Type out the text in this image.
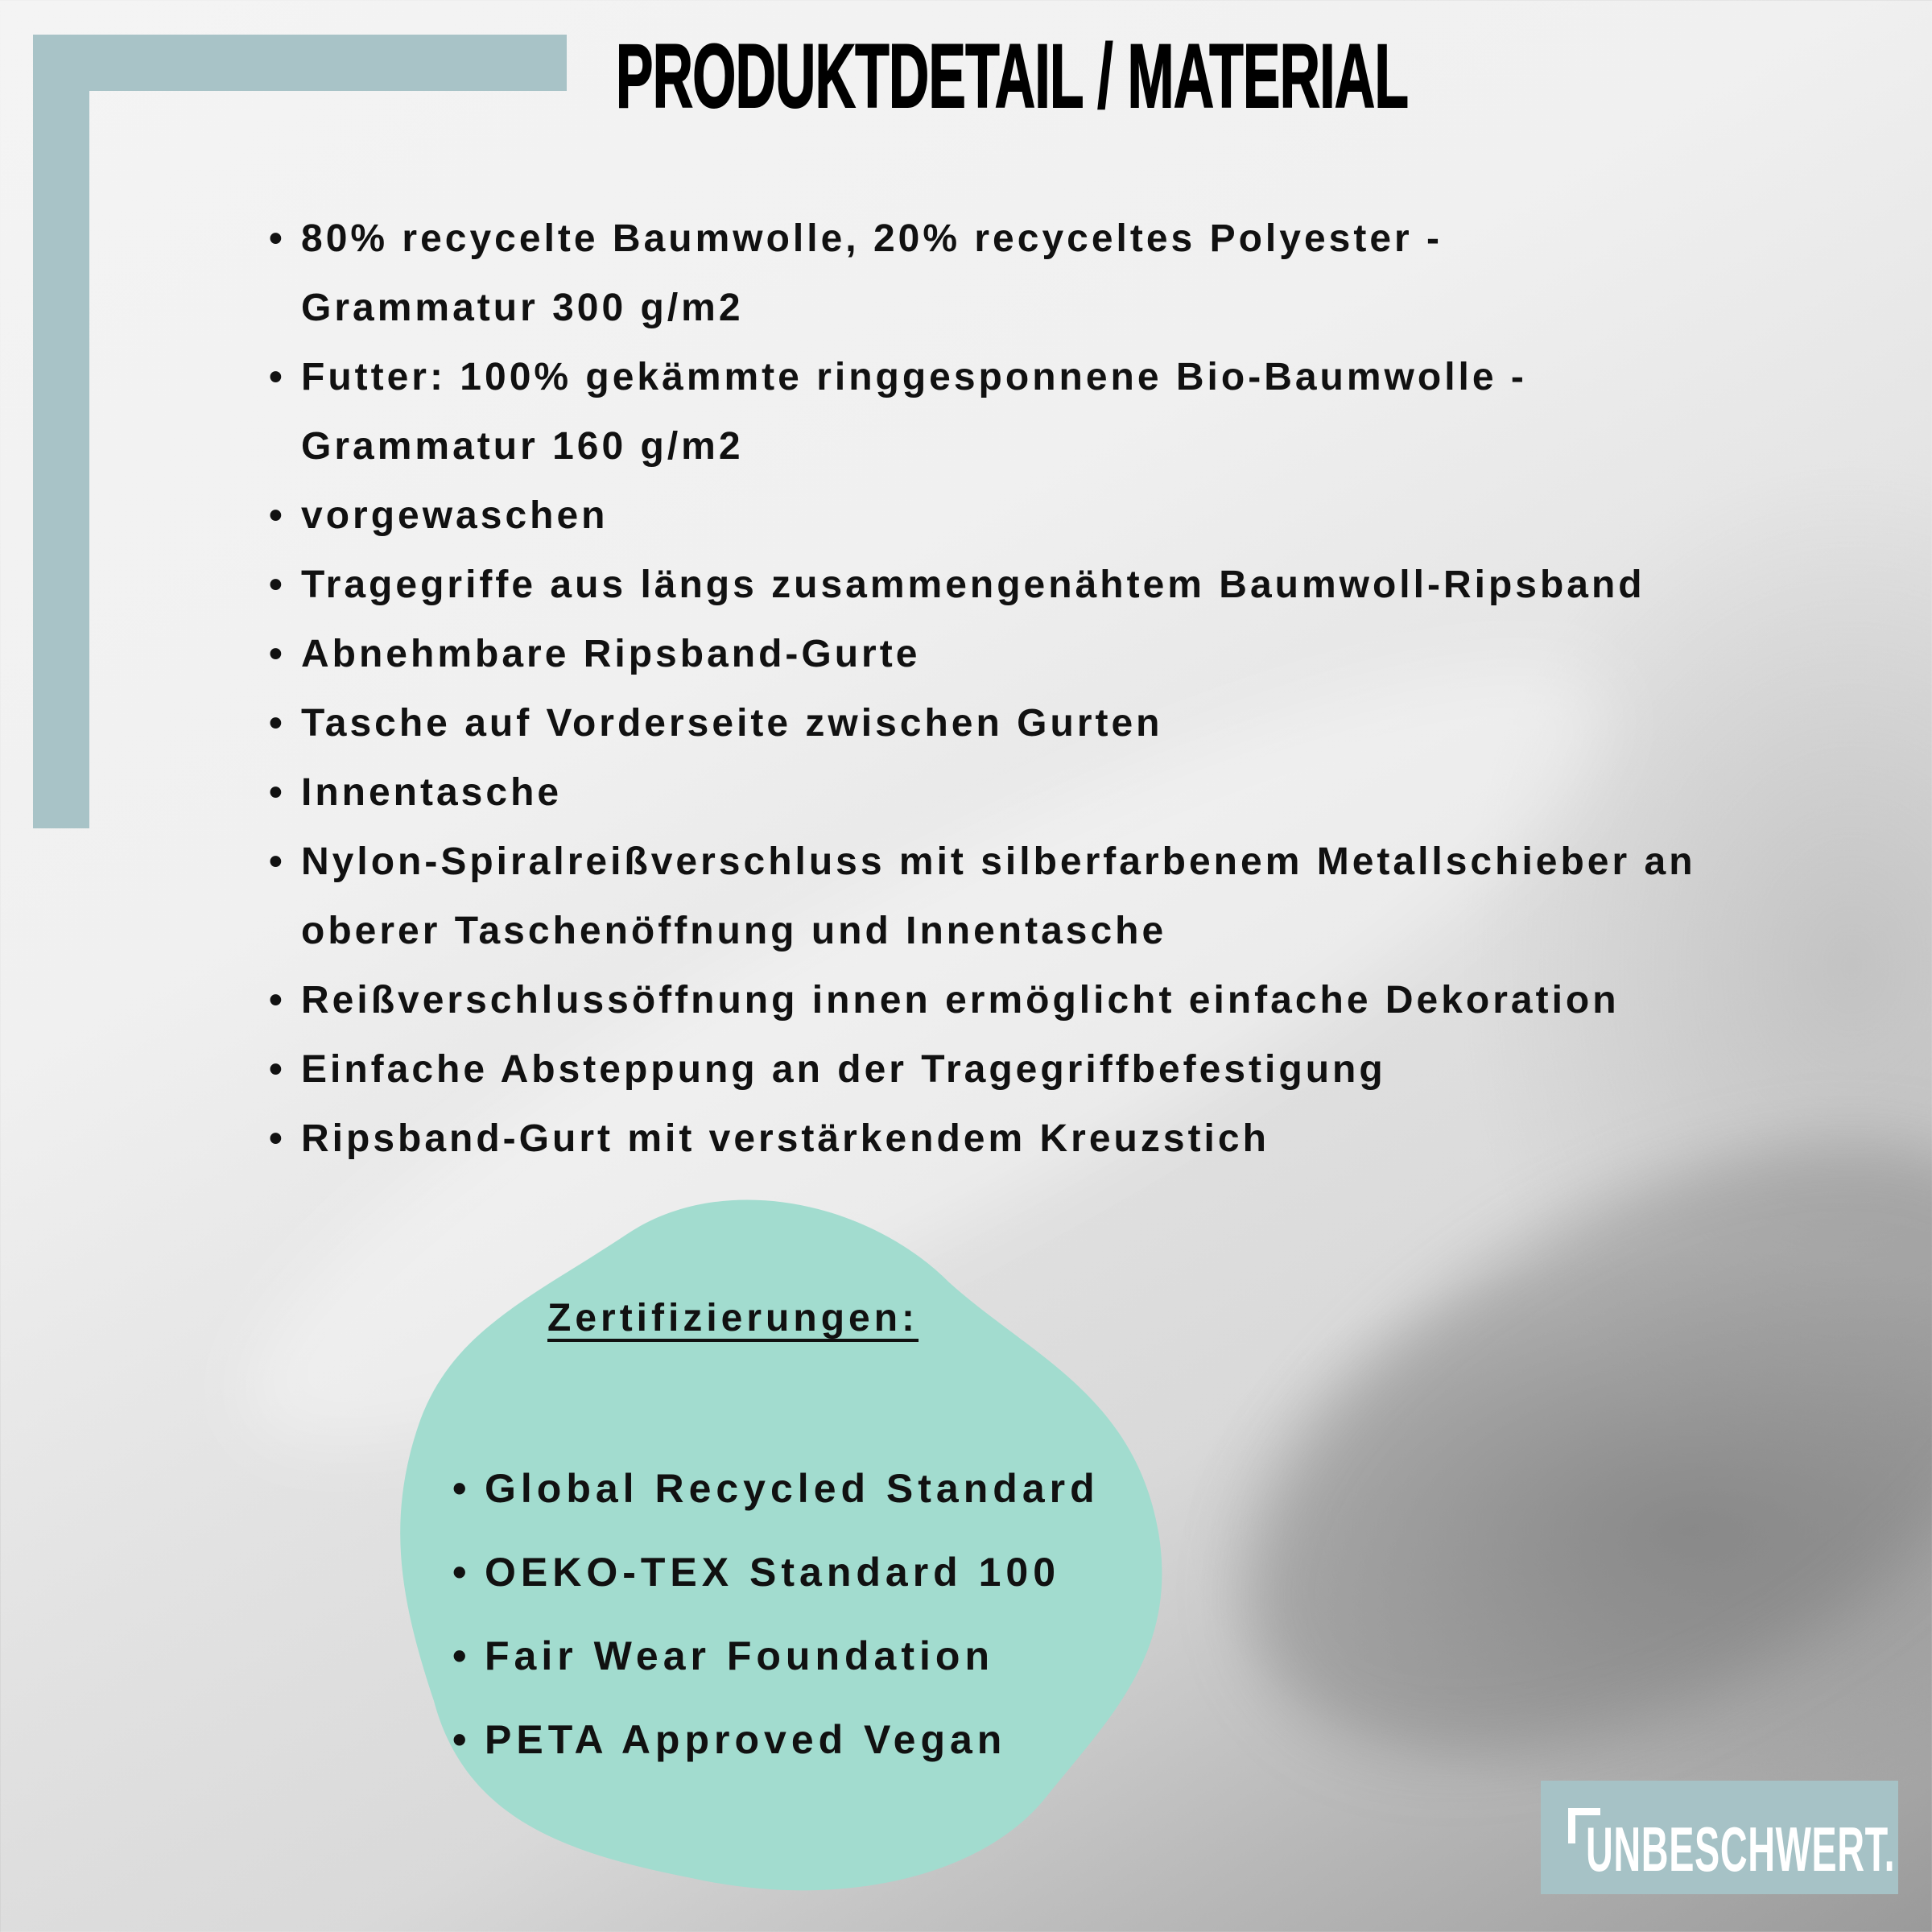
PRODUKTDETAIL / MATERIAL
• 80% recycelte Baumwolle, 20% recyceltes Polyester -
Grammatur 300 g/m2
• Futter: 100% gekämmte ringgesponnene Bio-Baumwolle -
Grammatur 160 g/m2
• vorgewaschen
• Tragegriffe aus längs zusammengenähtem Baumwoll-Ripsband
• Abnehmbare Ripsband-Gurte
• Tasche auf Vorderseite zwischen Gurten
• Innentasche
• Nylon-Spiralreißverschluss mit silberfarbenem Metallschieber an
oberer Taschenöffnung und Innentasche
• Reißverschlussöffnung innen ermöglicht einfache Dekoration
• Einfache Absteppung an der Tragegriffbefestigung
• Ripsband-Gurt mit verstärkendem Kreuzstich
Zertifizierungen:
• Global Recycled Standard
• OEKO-TEX Standard 100
• Fair Wear Foundation
• PETA Approved Vegan
UNBESCHWERT.
